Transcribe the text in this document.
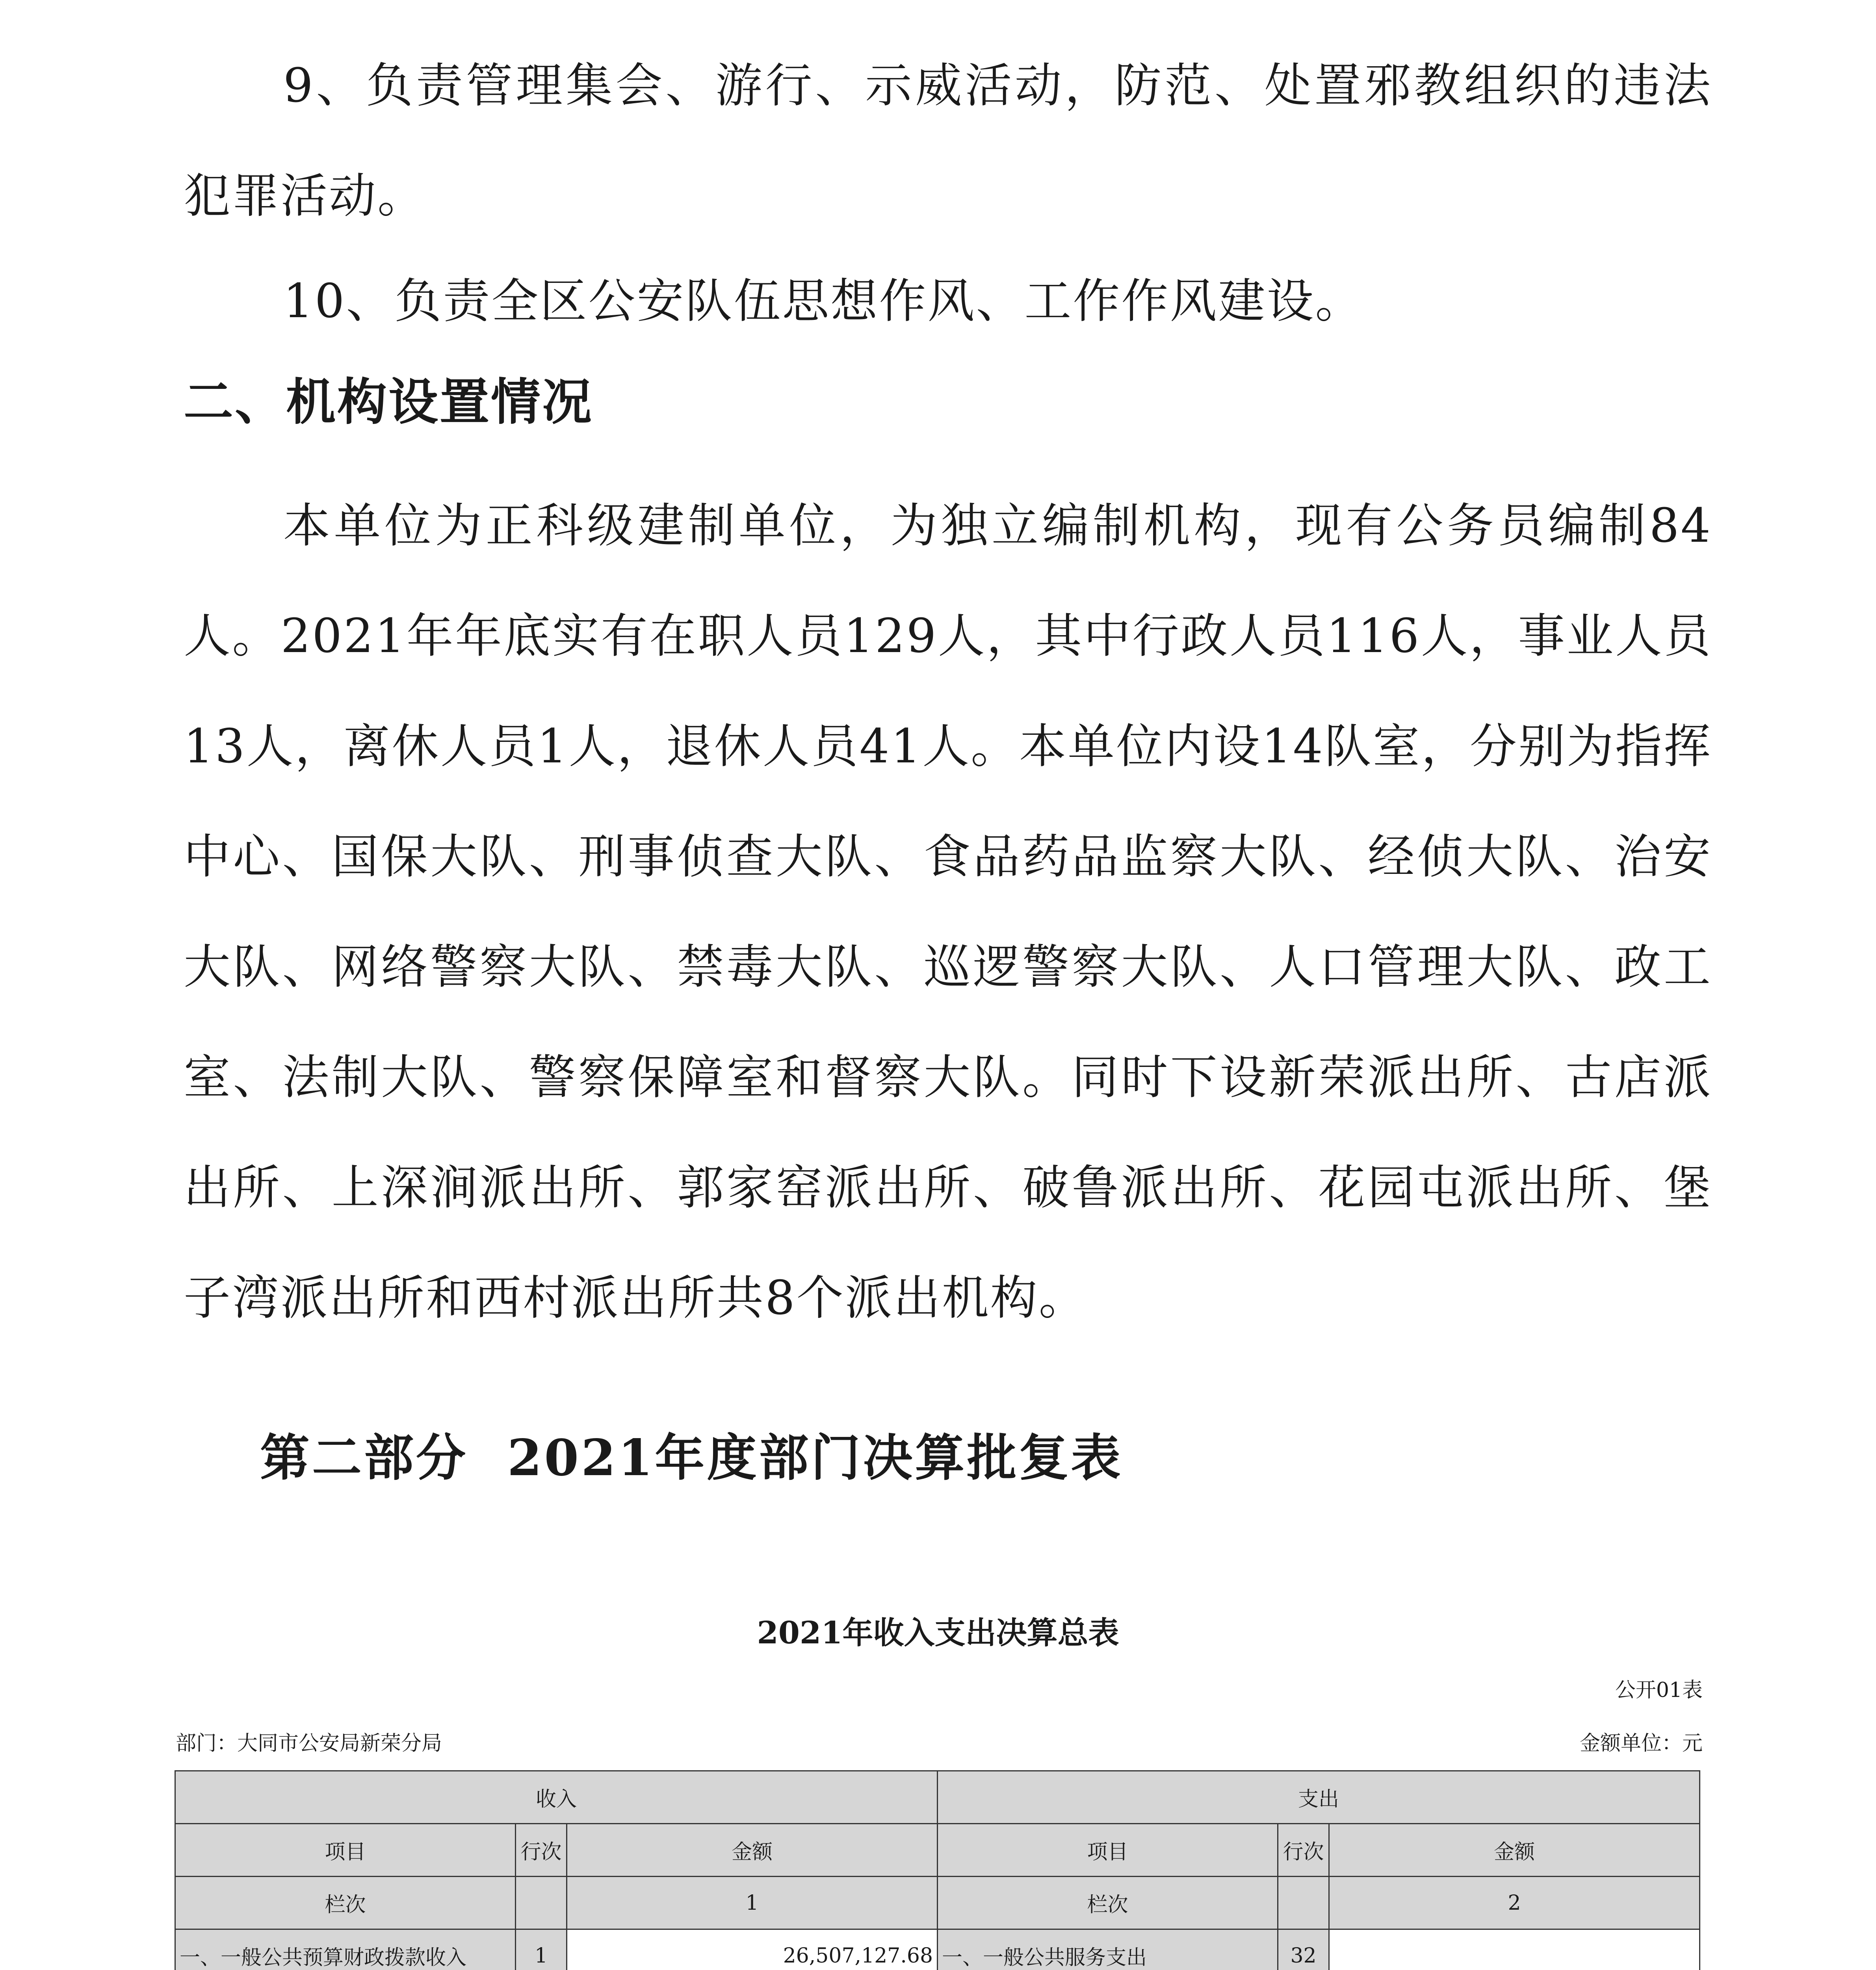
9、负责管理集会、游行、示威活动，防范、处置邪教组织的违法犯罪活动。

10、负责全区公安队伍思想作风、工作作风建设。

二、机构设置情况

本单位为正科级建制单位，为独立编制机构，现有公务员编制84人。2021年年底实有在职人员129人，其中行政人员116人，事业人员13人，离休人员1人，退休人员41人。本单位内设14队室，分别为指挥中心、国保大队、刑事侦查大队、食品药品监察大队、经侦大队、治安大队、网络警察大队、禁毒大队、巡逻警察大队、人口管理大队、政工室、法制大队、警察保障室和督察大队。同时下设新荣派出所、古店派出所、上深涧派出所、郭家窑派出所、破鲁派出所、花园屯派出所、堡子湾派出所和西村派出所共8个派出机构。

第二部分  2021年度部门决算批复表
2021年收入支出决算总表

公开01表

部门：大同市公安局新荣分局	金额单位：元

收入			支出		
项目	行次	金额	项目	行次	金额
栏次		1	栏次		2
一、一般公共预算财政拨款收入	1	26,507,127.68	一、一般公共服务支出	32	
